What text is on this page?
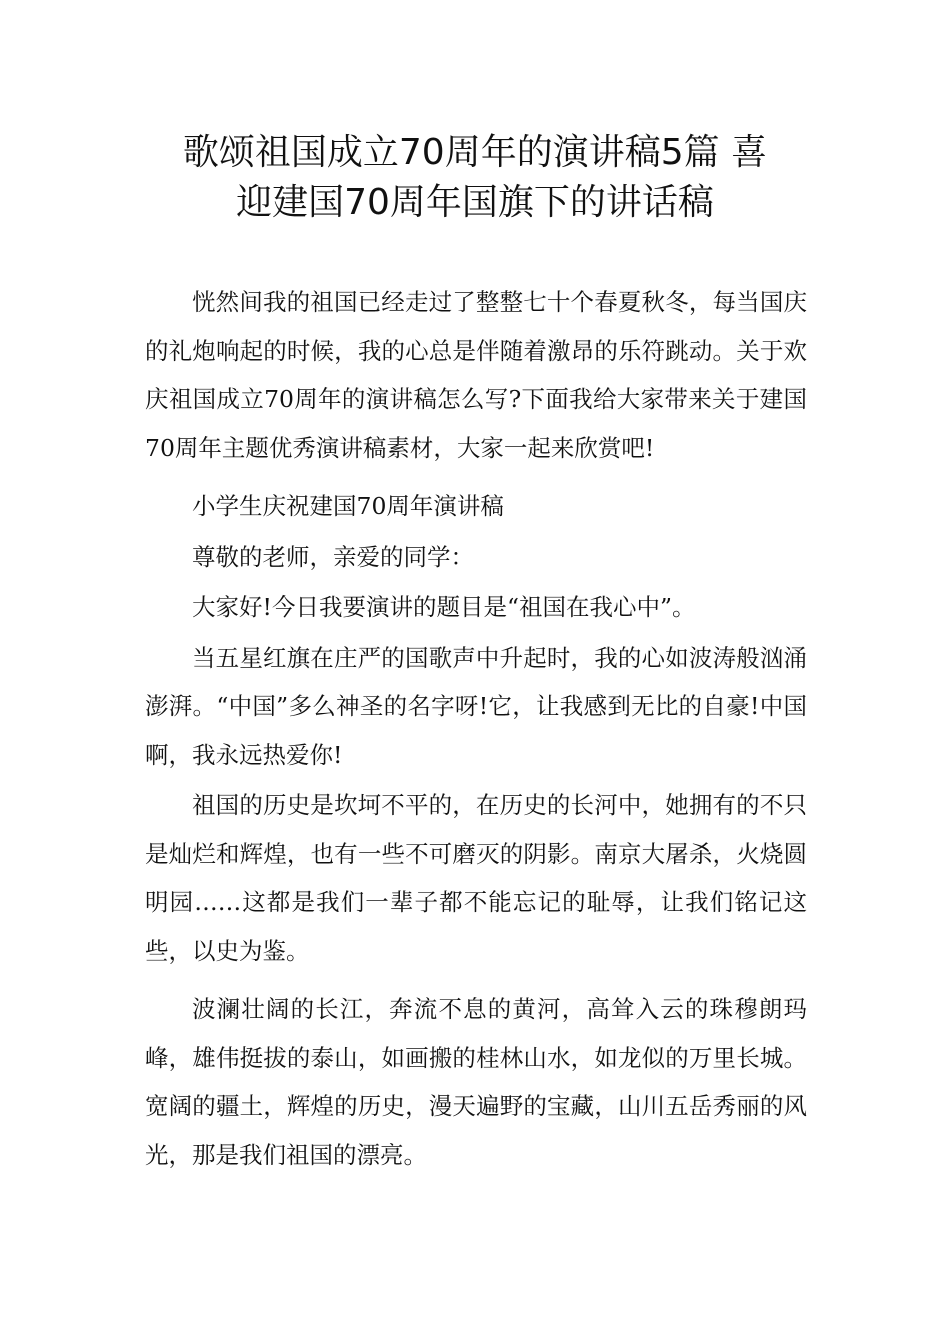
歌颂祖国成立70周年的演讲稿5篇 喜
迎建国70周年国旗下的讲话稿

恍然间我的祖国已经走过了整整七十个春夏秋冬，每当国庆的礼炮响起的时候，我的心总是伴随着激昂的乐符跳动。关于欢庆祖国成立70周年的演讲稿怎么写?下面我给大家带来关于建国70周年主题优秀演讲稿素材，大家一起来欣赏吧!

小学生庆祝建国70周年演讲稿

尊敬的老师，亲爱的同学：

大家好!今日我要演讲的题目是“祖国在我心中”。

当五星红旗在庄严的国歌声中升起时，我的心如波涛般汹涌澎湃。“中国”多么神圣的名字呀!它，让我感到无比的自豪!中国啊，我永远热爱你!

祖国的历史是坎坷不平的，在历史的长河中，她拥有的不只是灿烂和辉煌，也有一些不可磨灭的阴影。南京大屠杀，火烧圆明园……这都是我们一辈子都不能忘记的耻辱，让我们铭记这些，以史为鉴。

波澜壮阔的长江，奔流不息的黄河，高耸入云的珠穆朗玛峰，雄伟挺拔的泰山，如画搬的桂林山水，如龙似的万里长城。宽阔的疆土，辉煌的历史，漫天遍野的宝藏，山川五岳秀丽的风光，那是我们祖国的漂亮。
